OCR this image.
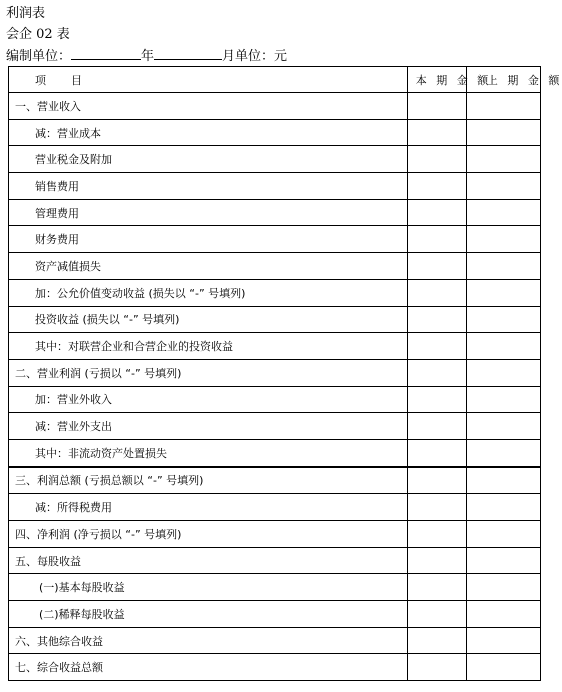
利润表
会企 02 表
编制单位：	年	月单位：元
项　　目	本 期 金 额	上 期 金 额

一、营业收入		
减：营业成本		
营业税金及附加		
销售费用		
管理费用		
财务费用		
资产减值损失		
加：公允价值变动收益 (损失以 “-” 号填列)		
投资收益 (损失以 “-” 号填列)		
其中：对联营企业和合营企业的投资收益		
二、营业利润 (亏损以 “-” 号填列)		
加：营业外收入		
减：营业外支出		
其中：非流动资产处置损失		
三、利润总额 (亏损总额以 “-” 号填列)		
减：所得税费用		
四、净利润 (净亏损以 “-” 号填列)		
五、每股收益		
(一)基本每股收益		
(二)稀释每股收益		
六、其他综合收益		
七、综合收益总额		
